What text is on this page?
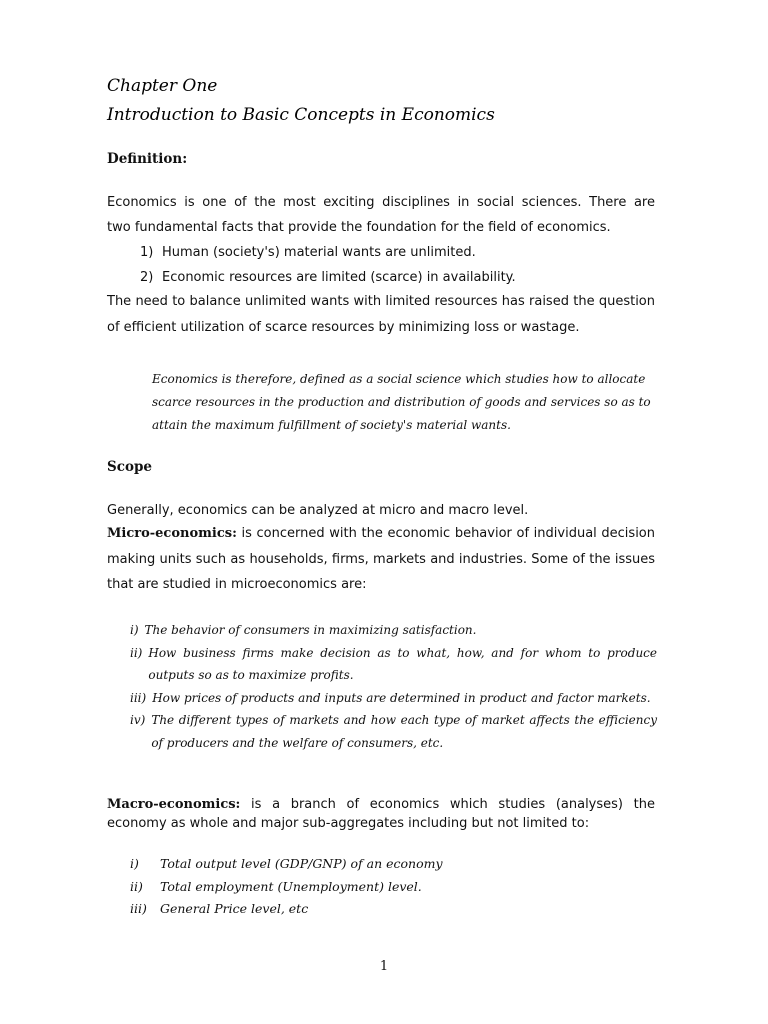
Chapter One
Introduction to Basic Concepts in Economics
Definition:
Economics is one of the most exciting disciplines in social sciences. There are
two fundamental facts that provide the foundation for the field of economics.
1) Human (society's) material wants are unlimited.
2) Economic resources are limited (scarce) in availability.
The need to balance unlimited wants with limited resources has raised the question of efficient utilization of scarce resources by minimizing loss or wastage.
Economics is therefore, defined as a social science which studies how to allocate scarce resources in the production and distribution of goods and services so as to attain the maximum fulfillment of society's material wants.
Scope
Generally, economics can be analyzed at micro and macro level.
Micro-economics: is concerned with the economic behavior of individual decision making units such as households, firms, markets and industries. Some of the issues that are studied in microeconomics are:
i) The behavior of consumers in maximizing satisfaction.
ii) How business firms make decision as to what, how, and for whom to produce outputs so as to maximize profits.
iii) How prices of products and inputs are determined in product and factor markets.
iv) The different types of markets and how each type of market affects the efficiency of producers and the welfare of consumers, etc.
Macro-economics: is a branch of economics which studies (analyses) the economy as whole and major sub-aggregates including but not limited to:
i)	Total output level (GDP/GNP) of an economy
ii)	Total employment (Unemployment) level.
iii)	General Price level, etc
1
